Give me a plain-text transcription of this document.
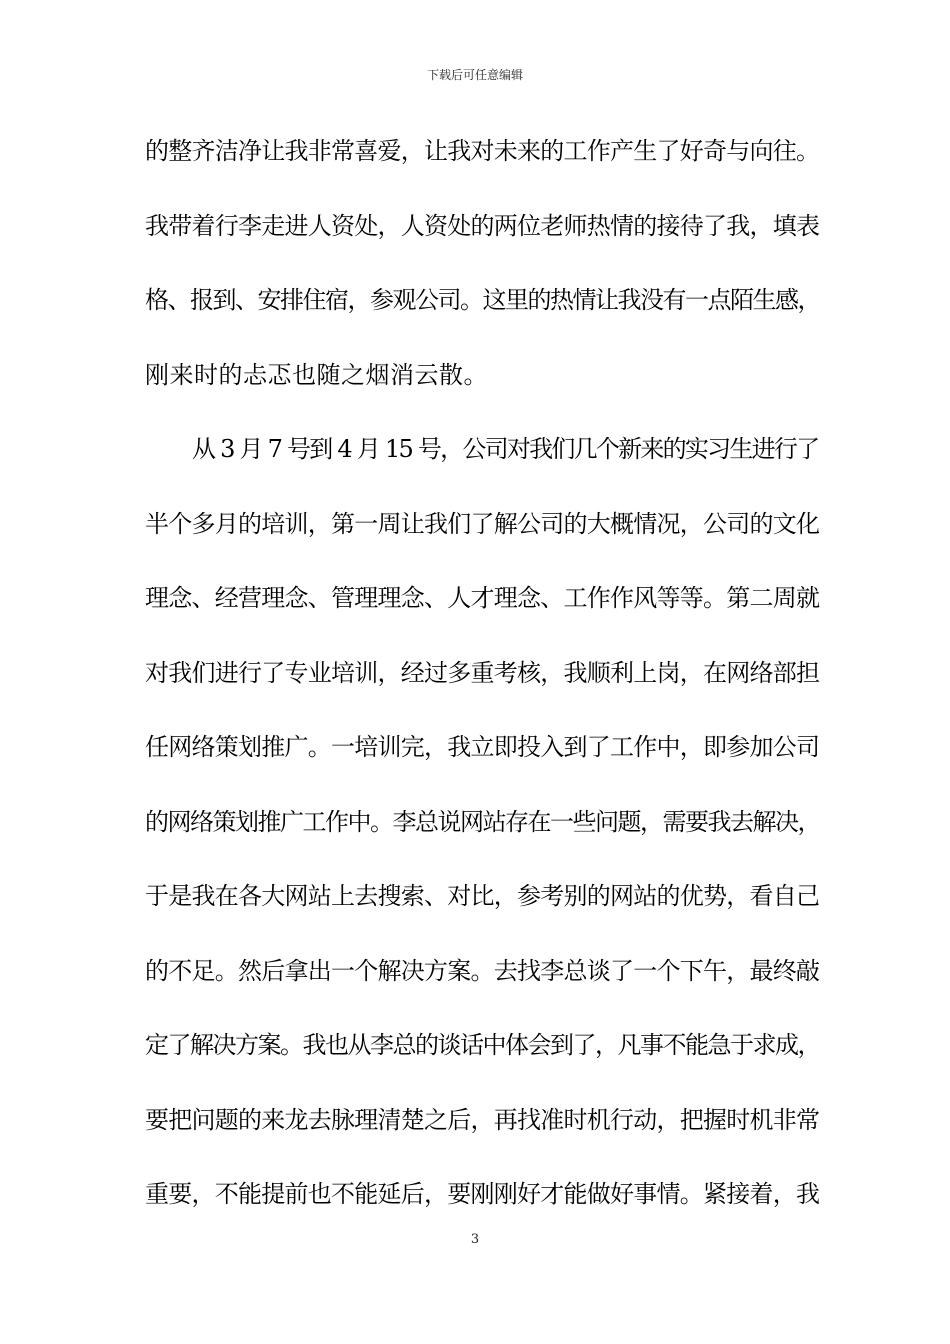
下载后可任意编辑
的整齐洁净让我非常喜爱，让我对未来的工作产生了好奇与向往。
我带着行李走进人资处，人资处的两位老师热情的接待了我，填表
格、报到、安排住宿，参观公司。这里的热情让我没有一点陌生感，
刚来时的忐忑也随之烟消云散。
从 3 月 7 号到 4 月 15 号，公司对我们几个新来的实习生进行了
半个多月的培训，第一周让我们了解公司的大概情况，公司的文化
理念、经营理念、管理理念、人才理念、工作作风等等。第二周就
对我们进行了专业培训，经过多重考核，我顺利上岗，在网络部担
任网络策划推广。一培训完，我立即投入到了工作中，即参加公司
的网络策划推广工作中。李总说网站存在一些问题，需要我去解决，
于是我在各大网站上去搜索、对比，参考别的网站的优势，看自己
的不足。然后拿出一个解决方案。去找李总谈了一个下午，最终敲
定了解决方案。我也从李总的谈话中体会到了，凡事不能急于求成，
要把问题的来龙去脉理清楚之后，再找准时机行动，把握时机非常
重要，不能提前也不能延后，要刚刚好才能做好事情。紧接着，我
3
